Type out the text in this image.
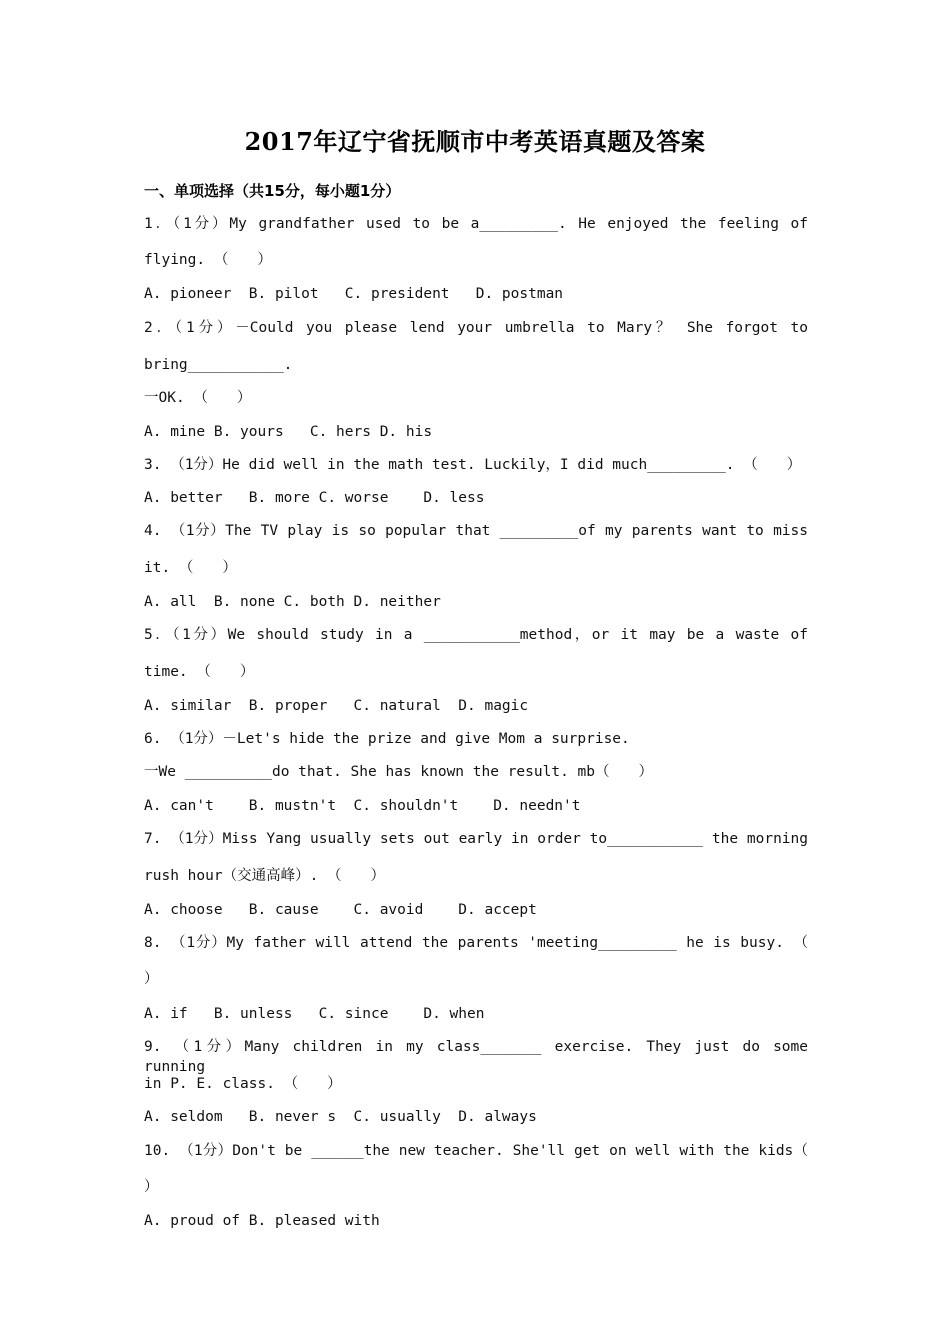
2017年辽宁省抚顺市中考英语真题及答案
一、单项选择（共15分，每小题1分）
1．（1分）My grandfather used to be a_________. He enjoyed the feeling of
flying. （　　）
A. pioneer  B. pilot   C. president   D. postman
2．（1分）－Could you please lend your umbrella to Mary？ She forgot to
bring___________.
一OK. （　　）
A. mine B. yours   C. hers D. his
3. （1分）He did well in the math test. Luckily，I did much_________. （　　）
A. better   B. more C. worse    D. less
4. （1分）The TV play is so popular that _________of my parents want to miss
it. （　　）
A. all  B. none C. both D. neither
5．（1分）We should study in a ___________method，or it may be a waste of
time. （　　）
A. similar  B. proper   C. natural  D. magic
6. （1分）－Let's hide the prize and give Mom a surprise.
一We __________do that. She has known the result. mb（　　）
A. can't    B. mustn't  C. shouldn't    D. needn't
7. （1分）Miss Yang usually sets out early in order to___________ the morning
rush hour（交通高峰）. （　　）
A. choose   B. cause    C. avoid    D. accept
8. （1分）My father will attend the parents 'meeting_________ he is busy. （
）
A. if   B. unless   C. since    D. when
9. （1分）Many children in my class_______ exercise. They just do some running
in P. E. class. （　　）
A. seldom   B. never s  C. usually  D. always
10. （1分）Don't be ______the new teacher. She'll get on well with the kids（
）
A. proud of B. pleased with
